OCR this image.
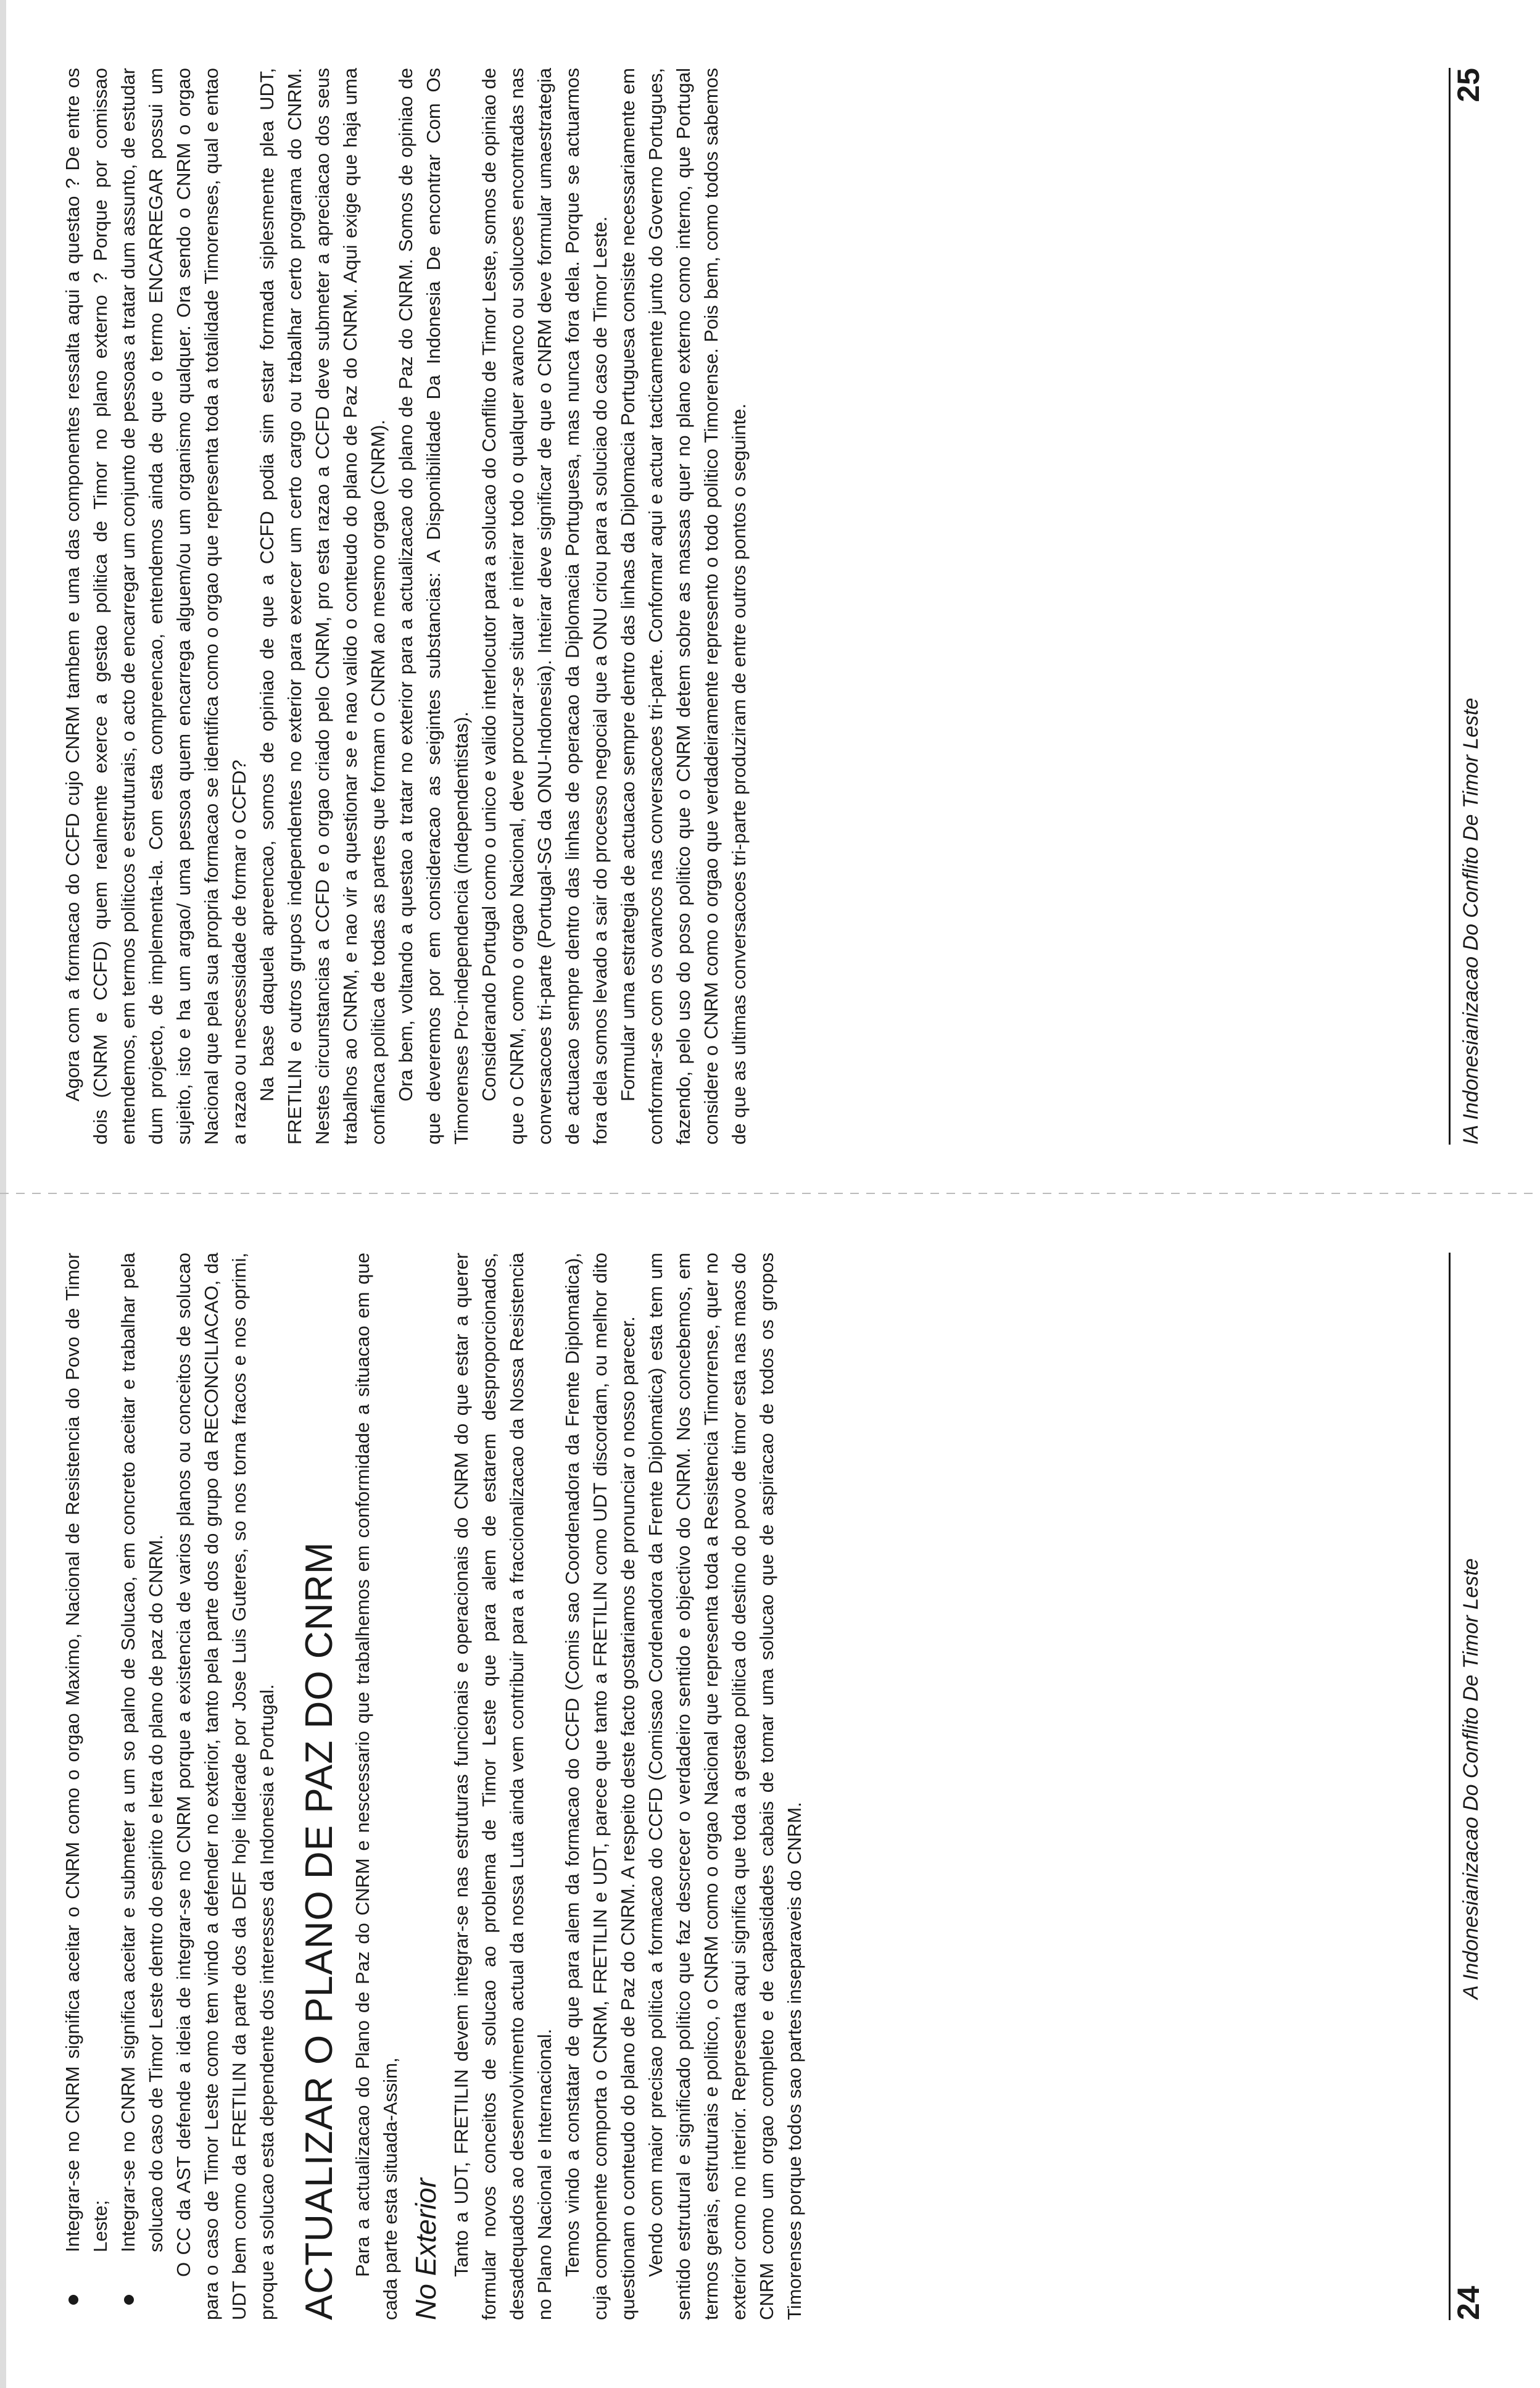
Integrar-se no CNRM significa aceitar o CNRM como o orgao Maximo, Nacional de Resistencia do Povo de Timor Leste; Integrar-se no CNRM significa aceitar e submeter a um so palno de Solucao, em concreto aceitar e trabalhar pela solucao do caso de Timor Leste dentro do espirito e letra do plano de paz do CNRM. O CC da AST defende a ideia de integrar-se no CNRM porque a existencia de varios planos ou conceitos de solucao para o caso de Timor Leste como tem vindo a defender no exterior, tanto pela parte dos do grupo da RECONCILIACAO, da UDT bem como da FRETILIN da parte dos da DEF hoje liderade por Jose Luis Guteres, so nos torna fracos e nos oprimi, proque a solucao esta dependente dos interesses da Indonesia e Portugal. ACTUALIZAR O PLANO DE PAZ DO CNRM Para a actualizacao do Plano de Paz do CNRM e nescessario que trabalhemos em conformidade a situacao em que cada parte esta situada-Assim, No Exterior Tanto a UDT, FRETILIN devem integrar-se nas estruturas funcionais e operacionais do CNRM do que estar a querer formular novos conceitos de solucao ao problema de Timor Leste que para alem de estarem desproporcionados, desadequados ao desenvolvimento actual da nossa Luta ainda vem contribuir para a fraccionalizacao da Nossa Resistencia no Plano Nacional e Internacional. Temos vindo a constatar de que para alem da formacao do CCFD (Comis sao Coordenadora da Frente Diplomatica), cuja componente comporta o CNRM, FRETILIN e UDT, parece que tanto a FRETILIN como UDT discordam, ou melhor dito questionam o conteudo do plano de Paz do CNRM. A respeito deste facto gostariamos de pronunciar o nosso parecer. Vendo com maior precisao politica a formacao do CCFD (Comissao Cordenadora da Frente Diplomatica) esta tem um sentido estrutural e significado politico que faz descrecer o verdadeiro sentido e objectivo do CNRM. Nos concebemos, em termos gerais, estruturais e politico, o CNRM como o orgao Nacional que representa toda a Resistencia Timorrense, quer no exterior como no interior. Representa aqui significa que toda a gestao politica do destino do povo de timor esta nas maos do CNRM como um orgao completo e de capasidades cabais de tomar uma solucao que de aspiracao de todos os gropos Timorenses porque todos sao partes inseparaveis do CNRM.	24
A Indonesianizacao Do Conflito De Timor Leste

Agora com a formacao do CCFD cujo CNRM tambem e uma das componentes ressalta aqui a questao ? De entre os dois (CNRM e CCFD) quem realmente exerce a gestao politica de Timor no plano externo ? Porque por comissao entendemos, em termos politicos e estruturais, o acto de encarregar um conjunto de pessoas a tratar dum assunto, de estudar dum projecto, de implementa-la. Com esta compreencao, entendemos ainda de que o termo ENCARREGAR possui um sujeito, isto e ha um argao/ uma pessoa quem encarrega alguem/ou um organismo qualquer. Ora sendo o CNRM o orgao Nacional que pela sua propria formacao se identifica como o orgao que representa toda a totalidade Timorenses, qual e entao a razao ou nescessidade de formar o CCFD? Na base daquela apreencao, somos de opiniao de que a CCFD podia sim estar formada siplesmente plea UDT, FRETILIN e outros grupos independentes no exterior para exercer um certo cargo ou trabalhar certo programa do CNRM. Nestes circunstancias a CCFD e o orgao criado pelo CNRM, pro esta razao a CCFD deve submeter a apreciacao dos seus trabalhos ao CNRM, e nao vir a questionar se e nao valido o conteudo do plano de Paz do CNRM. Aqui exige que haja uma confianca politica de todas as partes que formam o CNRM ao mesmo orgao (CNRM). Ora bem, voltando a questao a tratar no exterior para a actualizacao do plano de Paz do CNRM. Somos de opiniao de que deveremos por em consideracao as seigintes substancias: A Disponibilidade Da Indonesia De encontrar Com Os Timorenses Pro-independencia (independentistas). Considerando Portugal como o unico e valido interlocutor para a solucao do Conflito de Timor Leste, somos de opiniao de que o CNRM, como o orgao Nacional, deve procurar-se situar e inteirar todo o qualquer avanco ou solucoes encontradas nas conversacoes tri-parte (Portugal-SG da ONU-Indonesia). Inteirar deve significar de que o CNRM deve formular umaestrategia de actuacao sempre dentro das linhas de operacao da Diplomacia Portuguesa, mas nunca fora dela. Porque se actuarmos fora dela somos levado a sair do processo negocial que a ONU criou para a soluciao do caso de Timor Leste. Formular uma estrategia de actuacao sempre dentro das linhas da Diplomacia Portuguesa consiste necessariamente em conformar-se com os ovancos nas conversacoes tri-parte. Conformar aqui e actuar tacticamente junto do Governo Portugues, fazendo, pelo uso do poso politico que o CNRM detem sobre as massas quer no plano externo como interno, que Portugal considere o CNRM como o orgao que verdadeiramente represento o todo politico Timorense. Pois bem, como todos sabemos de que as ultimas conversacoes tri-parte produziram de entre outros pontos o seguinte.	IA Indonesianizacao Do Conflito De Timor Leste
25
